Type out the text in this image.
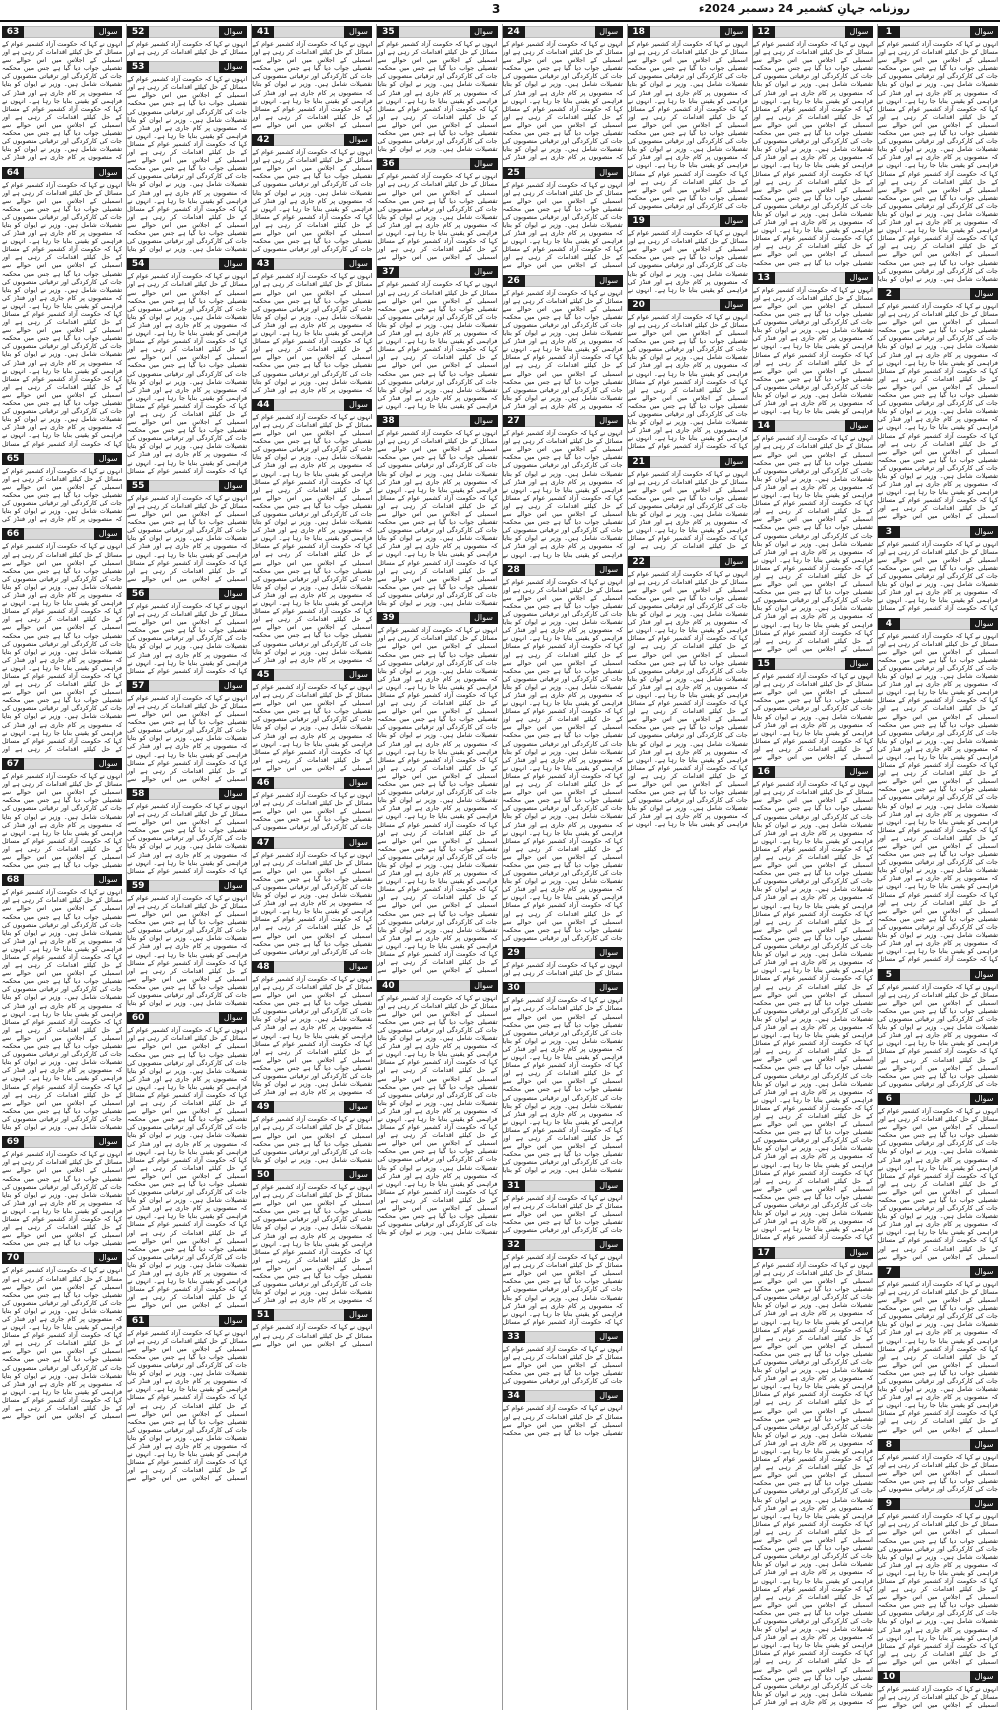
3	روزنامہ جہانِ کشمیر 24 دسمبر 2024ء
سوال
1
انہوں نے کہا کہ حکومت آزاد کشمیر عوام کے مسائل کے حل کیلئے اقدامات کر رہی ہے اور اسمبلی کے اجلاس میں اس حوالے سے تفصیلی جواب دیا گیا ہے جس میں محکمہ جات کی کارکردگی اور ترقیاتی منصوبوں کی تفصیلات شامل ہیں۔ وزیر نے ایوان کو بتایا کہ منصوبوں پر کام جاری ہے اور فنڈز کی فراہمی کو یقینی بنایا جا رہا ہے۔ انہوں نے کہا کہ حکومت آزاد کشمیر عوام کے مسائل کے حل کیلئے اقدامات کر رہی ہے اور اسمبلی کے اجلاس میں اس حوالے سے تفصیلی جواب دیا گیا ہے جس میں محکمہ جات کی کارکردگی اور ترقیاتی منصوبوں کی تفصیلات شامل ہیں۔ وزیر نے ایوان کو بتایا کہ منصوبوں پر کام جاری ہے اور فنڈز کی فراہمی کو یقینی بنایا جا رہا ہے۔ انہوں نے کہا کہ حکومت آزاد کشمیر عوام کے مسائل کے حل کیلئے اقدامات کر رہی ہے اور اسمبلی کے اجلاس میں اس حوالے سے تفصیلی جواب دیا گیا ہے جس میں محکمہ جات کی کارکردگی اور ترقیاتی منصوبوں کی تفصیلات شامل ہیں۔ وزیر نے ایوان کو بتایا کہ منصوبوں پر کام جاری ہے اور فنڈز کی فراہمی کو یقینی بنایا جا رہا ہے۔ انہوں نے کہا کہ حکومت آزاد کشمیر عوام کے مسائل کے حل کیلئے اقدامات کر رہی ہے اور اسمبلی کے اجلاس میں اس حوالے سے تفصیلی جواب دیا گیا ہے جس میں محکمہ جات کی کارکردگی اور ترقیاتی منصوبوں کی تفصیلات شامل ہیں۔ وزیر نے ایوان کو بتایا
سوال
2
انہوں نے کہا کہ حکومت آزاد کشمیر عوام کے مسائل کے حل کیلئے اقدامات کر رہی ہے اور اسمبلی کے اجلاس میں اس حوالے سے تفصیلی جواب دیا گیا ہے جس میں محکمہ جات کی کارکردگی اور ترقیاتی منصوبوں کی تفصیلات شامل ہیں۔ وزیر نے ایوان کو بتایا کہ منصوبوں پر کام جاری ہے اور فنڈز کی فراہمی کو یقینی بنایا جا رہا ہے۔ انہوں نے کہا کہ حکومت آزاد کشمیر عوام کے مسائل کے حل کیلئے اقدامات کر رہی ہے اور اسمبلی کے اجلاس میں اس حوالے سے تفصیلی جواب دیا گیا ہے جس میں محکمہ جات کی کارکردگی اور ترقیاتی منصوبوں کی تفصیلات شامل ہیں۔ وزیر نے ایوان کو بتایا کہ منصوبوں پر کام جاری ہے اور فنڈز کی فراہمی کو یقینی بنایا جا رہا ہے۔ انہوں نے کہا کہ حکومت آزاد کشمیر عوام کے مسائل کے حل کیلئے اقدامات کر رہی ہے اور اسمبلی کے اجلاس میں اس حوالے سے تفصیلی جواب دیا گیا ہے جس میں محکمہ جات کی کارکردگی اور ترقیاتی منصوبوں کی تفصیلات شامل ہیں۔ وزیر نے ایوان کو بتایا کہ منصوبوں پر کام جاری ہے اور فنڈز کی فراہمی کو یقینی بنایا جا رہا ہے۔ انہوں نے کہا کہ حکومت آزاد کشمیر عوام کے مسائل کے حل کیلئے اقدامات کر رہی ہے اور اسمبلی کے اجلاس میں اس حوالے سے
سوال
3
انہوں نے کہا کہ حکومت آزاد کشمیر عوام کے مسائل کے حل کیلئے اقدامات کر رہی ہے اور اسمبلی کے اجلاس میں اس حوالے سے تفصیلی جواب دیا گیا ہے جس میں محکمہ جات کی کارکردگی اور ترقیاتی منصوبوں کی تفصیلات شامل ہیں۔ وزیر نے ایوان کو بتایا کہ منصوبوں پر کام جاری ہے اور فنڈز کی فراہمی کو یقینی بنایا جا رہا ہے۔ انہوں نے کہا کہ حکومت آزاد کشمیر عوام کے مسائل
سوال
4
انہوں نے کہا کہ حکومت آزاد کشمیر عوام کے مسائل کے حل کیلئے اقدامات کر رہی ہے اور اسمبلی کے اجلاس میں اس حوالے سے تفصیلی جواب دیا گیا ہے جس میں محکمہ جات کی کارکردگی اور ترقیاتی منصوبوں کی تفصیلات شامل ہیں۔ وزیر نے ایوان کو بتایا کہ منصوبوں پر کام جاری ہے اور فنڈز کی فراہمی کو یقینی بنایا جا رہا ہے۔ انہوں نے کہا کہ حکومت آزاد کشمیر عوام کے مسائل کے حل کیلئے اقدامات کر رہی ہے اور اسمبلی کے اجلاس میں اس حوالے سے تفصیلی جواب دیا گیا ہے جس میں محکمہ جات کی کارکردگی اور ترقیاتی منصوبوں کی تفصیلات شامل ہیں۔ وزیر نے ایوان کو بتایا کہ منصوبوں پر کام جاری ہے اور فنڈز کی فراہمی کو یقینی بنایا جا رہا ہے۔ انہوں نے کہا کہ حکومت آزاد کشمیر عوام کے مسائل کے حل کیلئے اقدامات کر رہی ہے اور اسمبلی کے اجلاس میں اس حوالے سے تفصیلی جواب دیا گیا ہے جس میں محکمہ جات کی کارکردگی اور ترقیاتی منصوبوں کی تفصیلات شامل ہیں۔ وزیر نے ایوان کو بتایا کہ منصوبوں پر کام جاری ہے اور فنڈز کی فراہمی کو یقینی بنایا جا رہا ہے۔ انہوں نے کہا کہ حکومت آزاد کشمیر عوام کے مسائل کے حل کیلئے اقدامات کر رہی ہے اور اسمبلی کے اجلاس میں اس حوالے سے تفصیلی جواب دیا گیا ہے جس میں محکمہ جات کی کارکردگی اور ترقیاتی منصوبوں کی تفصیلات شامل ہیں۔ وزیر نے ایوان کو بتایا کہ منصوبوں پر کام جاری ہے اور فنڈز کی فراہمی کو یقینی بنایا جا رہا ہے۔ انہوں نے کہا کہ حکومت آزاد کشمیر عوام کے مسائل کے حل کیلئے اقدامات کر رہی ہے اور اسمبلی کے اجلاس میں اس حوالے سے تفصیلی جواب دیا گیا ہے جس میں محکمہ جات کی کارکردگی اور ترقیاتی منصوبوں کی تفصیلات شامل ہیں۔ وزیر نے ایوان کو بتایا کہ منصوبوں پر کام جاری ہے اور فنڈز کی فراہمی کو یقینی بنایا جا رہا ہے۔ انہوں نے کہا کہ حکومت آزاد کشمیر عوام کے مسائل
سوال
5
انہوں نے کہا کہ حکومت آزاد کشمیر عوام کے مسائل کے حل کیلئے اقدامات کر رہی ہے اور اسمبلی کے اجلاس میں اس حوالے سے تفصیلی جواب دیا گیا ہے جس میں محکمہ جات کی کارکردگی اور ترقیاتی منصوبوں کی تفصیلات شامل ہیں۔ وزیر نے ایوان کو بتایا کہ منصوبوں پر کام جاری ہے اور فنڈز کی فراہمی کو یقینی بنایا جا رہا ہے۔ انہوں نے کہا کہ حکومت آزاد کشمیر عوام کے مسائل کے حل کیلئے اقدامات کر رہی ہے اور اسمبلی کے اجلاس میں اس حوالے سے تفصیلی جواب دیا گیا ہے جس میں محکمہ جات کی کارکردگی اور ترقیاتی منصوبوں کی
سوال
6
انہوں نے کہا کہ حکومت آزاد کشمیر عوام کے مسائل کے حل کیلئے اقدامات کر رہی ہے اور اسمبلی کے اجلاس میں اس حوالے سے تفصیلی جواب دیا گیا ہے جس میں محکمہ جات کی کارکردگی اور ترقیاتی منصوبوں کی تفصیلات شامل ہیں۔ وزیر نے ایوان کو بتایا کہ منصوبوں پر کام جاری ہے اور فنڈز کی فراہمی کو یقینی بنایا جا رہا ہے۔ انہوں نے کہا کہ حکومت آزاد کشمیر عوام کے مسائل کے حل کیلئے اقدامات کر رہی ہے اور اسمبلی کے اجلاس میں اس حوالے سے تفصیلی جواب دیا گیا ہے جس میں محکمہ جات کی کارکردگی اور ترقیاتی منصوبوں کی تفصیلات شامل ہیں۔ وزیر نے ایوان کو بتایا کہ منصوبوں پر کام جاری ہے اور فنڈز کی فراہمی کو یقینی بنایا جا رہا ہے۔ انہوں نے کہا کہ حکومت آزاد کشمیر عوام کے مسائل کے حل کیلئے اقدامات کر رہی ہے اور اسمبلی کے اجلاس میں اس حوالے سے
سوال
7
انہوں نے کہا کہ حکومت آزاد کشمیر عوام کے مسائل کے حل کیلئے اقدامات کر رہی ہے اور اسمبلی کے اجلاس میں اس حوالے سے تفصیلی جواب دیا گیا ہے جس میں محکمہ جات کی کارکردگی اور ترقیاتی منصوبوں کی تفصیلات شامل ہیں۔ وزیر نے ایوان کو بتایا کہ منصوبوں پر کام جاری ہے اور فنڈز کی فراہمی کو یقینی بنایا جا رہا ہے۔ انہوں نے کہا کہ حکومت آزاد کشمیر عوام کے مسائل کے حل کیلئے اقدامات کر رہی ہے اور اسمبلی کے اجلاس میں اس حوالے سے تفصیلی جواب دیا گیا ہے جس میں محکمہ جات کی کارکردگی اور ترقیاتی منصوبوں کی تفصیلات شامل ہیں۔ وزیر نے ایوان کو بتایا کہ منصوبوں پر کام جاری ہے اور فنڈز کی فراہمی کو یقینی بنایا جا رہا ہے۔ انہوں نے کہا کہ حکومت آزاد کشمیر عوام کے مسائل کے حل کیلئے اقدامات کر رہی ہے اور اسمبلی کے اجلاس میں اس حوالے سے
سوال
8
انہوں نے کہا کہ حکومت آزاد کشمیر عوام کے مسائل کے حل کیلئے اقدامات کر رہی ہے اور اسمبلی کے اجلاس میں اس حوالے سے تفصیلی جواب دیا گیا ہے جس میں محکمہ جات کی کارکردگی اور ترقیاتی منصوبوں کی
سوال
9
انہوں نے کہا کہ حکومت آزاد کشمیر عوام کے مسائل کے حل کیلئے اقدامات کر رہی ہے اور اسمبلی کے اجلاس میں اس حوالے سے تفصیلی جواب دیا گیا ہے جس میں محکمہ جات کی کارکردگی اور ترقیاتی منصوبوں کی تفصیلات شامل ہیں۔ وزیر نے ایوان کو بتایا کہ منصوبوں پر کام جاری ہے اور فنڈز کی فراہمی کو یقینی بنایا جا رہا ہے۔ انہوں نے کہا کہ حکومت آزاد کشمیر عوام کے مسائل کے حل کیلئے اقدامات کر رہی ہے اور اسمبلی کے اجلاس میں اس حوالے سے تفصیلی جواب دیا گیا ہے جس میں محکمہ جات کی کارکردگی اور ترقیاتی منصوبوں کی تفصیلات شامل ہیں۔ وزیر نے ایوان کو بتایا کہ منصوبوں پر کام جاری ہے اور فنڈز کی فراہمی کو یقینی بنایا جا رہا ہے۔ انہوں نے کہا کہ حکومت آزاد کشمیر عوام کے مسائل کے حل کیلئے اقدامات کر رہی ہے اور اسمبلی کے اجلاس میں اس حوالے سے
سوال
10
انہوں نے کہا کہ حکومت آزاد کشمیر عوام کے مسائل کے حل کیلئے اقدامات کر رہی ہے اور اسمبلی کے اجلاس میں اس حوالے سے
سوال
12
انہوں نے کہا کہ حکومت آزاد کشمیر عوام کے مسائل کے حل کیلئے اقدامات کر رہی ہے اور اسمبلی کے اجلاس میں اس حوالے سے تفصیلی جواب دیا گیا ہے جس میں محکمہ جات کی کارکردگی اور ترقیاتی منصوبوں کی تفصیلات شامل ہیں۔ وزیر نے ایوان کو بتایا کہ منصوبوں پر کام جاری ہے اور فنڈز کی فراہمی کو یقینی بنایا جا رہا ہے۔ انہوں نے کہا کہ حکومت آزاد کشمیر عوام کے مسائل کے حل کیلئے اقدامات کر رہی ہے اور اسمبلی کے اجلاس میں اس حوالے سے تفصیلی جواب دیا گیا ہے جس میں محکمہ جات کی کارکردگی اور ترقیاتی منصوبوں کی تفصیلات شامل ہیں۔ وزیر نے ایوان کو بتایا کہ منصوبوں پر کام جاری ہے اور فنڈز کی فراہمی کو یقینی بنایا جا رہا ہے۔ انہوں نے کہا کہ حکومت آزاد کشمیر عوام کے مسائل کے حل کیلئے اقدامات کر رہی ہے اور اسمبلی کے اجلاس میں اس حوالے سے تفصیلی جواب دیا گیا ہے جس میں محکمہ جات کی کارکردگی اور ترقیاتی منصوبوں کی تفصیلات شامل ہیں۔ وزیر نے ایوان کو بتایا کہ منصوبوں پر کام جاری ہے اور فنڈز کی فراہمی کو یقینی بنایا جا رہا ہے۔ انہوں نے کہا کہ حکومت آزاد کشمیر عوام کے مسائل کے حل کیلئے اقدامات کر رہی ہے اور اسمبلی کے اجلاس میں اس حوالے سے تفصیلی جواب دیا گیا ہے جس میں محکمہ
سوال
13
انہوں نے کہا کہ حکومت آزاد کشمیر عوام کے مسائل کے حل کیلئے اقدامات کر رہی ہے اور اسمبلی کے اجلاس میں اس حوالے سے تفصیلی جواب دیا گیا ہے جس میں محکمہ جات کی کارکردگی اور ترقیاتی منصوبوں کی تفصیلات شامل ہیں۔ وزیر نے ایوان کو بتایا کہ منصوبوں پر کام جاری ہے اور فنڈز کی فراہمی کو یقینی بنایا جا رہا ہے۔ انہوں نے کہا کہ حکومت آزاد کشمیر عوام کے مسائل کے حل کیلئے اقدامات کر رہی ہے اور اسمبلی کے اجلاس میں اس حوالے سے تفصیلی جواب دیا گیا ہے جس میں محکمہ جات کی کارکردگی اور ترقیاتی منصوبوں کی تفصیلات شامل ہیں۔ وزیر نے ایوان کو بتایا کہ منصوبوں پر کام جاری ہے اور فنڈز کی فراہمی کو یقینی بنایا جا رہا ہے۔ انہوں نے
سوال
14
انہوں نے کہا کہ حکومت آزاد کشمیر عوام کے مسائل کے حل کیلئے اقدامات کر رہی ہے اور اسمبلی کے اجلاس میں اس حوالے سے تفصیلی جواب دیا گیا ہے جس میں محکمہ جات کی کارکردگی اور ترقیاتی منصوبوں کی تفصیلات شامل ہیں۔ وزیر نے ایوان کو بتایا کہ منصوبوں پر کام جاری ہے اور فنڈز کی فراہمی کو یقینی بنایا جا رہا ہے۔ انہوں نے کہا کہ حکومت آزاد کشمیر عوام کے مسائل کے حل کیلئے اقدامات کر رہی ہے اور اسمبلی کے اجلاس میں اس حوالے سے تفصیلی جواب دیا گیا ہے جس میں محکمہ جات کی کارکردگی اور ترقیاتی منصوبوں کی تفصیلات شامل ہیں۔ وزیر نے ایوان کو بتایا کہ منصوبوں پر کام جاری ہے اور فنڈز کی فراہمی کو یقینی بنایا جا رہا ہے۔ انہوں نے کہا کہ حکومت آزاد کشمیر عوام کے مسائل کے حل کیلئے اقدامات کر رہی ہے اور اسمبلی کے اجلاس میں اس حوالے سے تفصیلی جواب دیا گیا ہے جس میں محکمہ جات کی کارکردگی اور ترقیاتی منصوبوں کی تفصیلات شامل ہیں۔ وزیر نے ایوان کو بتایا کہ منصوبوں پر کام جاری ہے اور فنڈز کی فراہمی کو یقینی بنایا جا رہا ہے۔ انہوں نے کہا کہ حکومت آزاد کشمیر عوام کے مسائل کے حل کیلئے اقدامات کر رہی ہے اور اسمبلی کے اجلاس میں اس حوالے سے
سوال
15
انہوں نے کہا کہ حکومت آزاد کشمیر عوام کے مسائل کے حل کیلئے اقدامات کر رہی ہے اور اسمبلی کے اجلاس میں اس حوالے سے تفصیلی جواب دیا گیا ہے جس میں محکمہ جات کی کارکردگی اور ترقیاتی منصوبوں کی تفصیلات شامل ہیں۔ وزیر نے ایوان کو بتایا کہ منصوبوں پر کام جاری ہے اور فنڈز کی فراہمی کو یقینی بنایا جا رہا ہے۔ انہوں نے کہا کہ حکومت آزاد کشمیر عوام کے مسائل کے حل کیلئے اقدامات کر رہی ہے اور اسمبلی کے اجلاس میں اس حوالے سے
سوال
16
انہوں نے کہا کہ حکومت آزاد کشمیر عوام کے مسائل کے حل کیلئے اقدامات کر رہی ہے اور اسمبلی کے اجلاس میں اس حوالے سے تفصیلی جواب دیا گیا ہے جس میں محکمہ جات کی کارکردگی اور ترقیاتی منصوبوں کی تفصیلات شامل ہیں۔ وزیر نے ایوان کو بتایا کہ منصوبوں پر کام جاری ہے اور فنڈز کی فراہمی کو یقینی بنایا جا رہا ہے۔ انہوں نے کہا کہ حکومت آزاد کشمیر عوام کے مسائل کے حل کیلئے اقدامات کر رہی ہے اور اسمبلی کے اجلاس میں اس حوالے سے تفصیلی جواب دیا گیا ہے جس میں محکمہ جات کی کارکردگی اور ترقیاتی منصوبوں کی تفصیلات شامل ہیں۔ وزیر نے ایوان کو بتایا کہ منصوبوں پر کام جاری ہے اور فنڈز کی فراہمی کو یقینی بنایا جا رہا ہے۔ انہوں نے کہا کہ حکومت آزاد کشمیر عوام کے مسائل کے حل کیلئے اقدامات کر رہی ہے اور اسمبلی کے اجلاس میں اس حوالے سے تفصیلی جواب دیا گیا ہے جس میں محکمہ جات کی کارکردگی اور ترقیاتی منصوبوں کی تفصیلات شامل ہیں۔ وزیر نے ایوان کو بتایا کہ منصوبوں پر کام جاری ہے اور فنڈز کی فراہمی کو یقینی بنایا جا رہا ہے۔ انہوں نے کہا کہ حکومت آزاد کشمیر عوام کے مسائل کے حل کیلئے اقدامات کر رہی ہے اور اسمبلی کے اجلاس میں اس حوالے سے تفصیلی جواب دیا گیا ہے جس میں محکمہ جات کی کارکردگی اور ترقیاتی منصوبوں کی تفصیلات شامل ہیں۔ وزیر نے ایوان کو بتایا کہ منصوبوں پر کام جاری ہے اور فنڈز کی فراہمی کو یقینی بنایا جا رہا ہے۔ انہوں نے کہا کہ حکومت آزاد کشمیر عوام کے مسائل کے حل کیلئے اقدامات کر رہی ہے اور اسمبلی کے اجلاس میں اس حوالے سے تفصیلی جواب دیا گیا ہے جس میں محکمہ جات کی کارکردگی اور ترقیاتی منصوبوں کی تفصیلات شامل ہیں۔ وزیر نے ایوان کو بتایا کہ منصوبوں پر کام جاری ہے اور فنڈز کی فراہمی کو یقینی بنایا جا رہا ہے۔ انہوں نے کہا کہ حکومت آزاد کشمیر عوام کے مسائل کے حل کیلئے اقدامات کر رہی ہے اور اسمبلی کے اجلاس میں اس حوالے سے تفصیلی جواب دیا گیا ہے جس میں محکمہ جات کی کارکردگی اور ترقیاتی منصوبوں کی تفصیلات شامل ہیں۔ وزیر نے ایوان کو بتایا کہ منصوبوں پر کام جاری ہے اور فنڈز کی فراہمی کو یقینی بنایا جا رہا ہے۔ انہوں نے کہا کہ حکومت آزاد کشمیر عوام کے مسائل کے حل کیلئے اقدامات کر رہی ہے اور اسمبلی کے اجلاس میں اس حوالے سے تفصیلی جواب دیا گیا ہے جس میں محکمہ جات کی کارکردگی اور ترقیاتی منصوبوں کی تفصیلات شامل ہیں۔ وزیر نے ایوان کو بتایا کہ منصوبوں پر کام جاری ہے اور فنڈز کی فراہمی کو یقینی بنایا جا رہا ہے۔ انہوں نے کہا کہ حکومت آزاد کشمیر عوام کے مسائل
سوال
17
انہوں نے کہا کہ حکومت آزاد کشمیر عوام کے مسائل کے حل کیلئے اقدامات کر رہی ہے اور اسمبلی کے اجلاس میں اس حوالے سے تفصیلی جواب دیا گیا ہے جس میں محکمہ جات کی کارکردگی اور ترقیاتی منصوبوں کی تفصیلات شامل ہیں۔ وزیر نے ایوان کو بتایا کہ منصوبوں پر کام جاری ہے اور فنڈز کی فراہمی کو یقینی بنایا جا رہا ہے۔ انہوں نے کہا کہ حکومت آزاد کشمیر عوام کے مسائل کے حل کیلئے اقدامات کر رہی ہے اور اسمبلی کے اجلاس میں اس حوالے سے تفصیلی جواب دیا گیا ہے جس میں محکمہ جات کی کارکردگی اور ترقیاتی منصوبوں کی تفصیلات شامل ہیں۔ وزیر نے ایوان کو بتایا کہ منصوبوں پر کام جاری ہے اور فنڈز کی فراہمی کو یقینی بنایا جا رہا ہے۔ انہوں نے کہا کہ حکومت آزاد کشمیر عوام کے مسائل کے حل کیلئے اقدامات کر رہی ہے اور اسمبلی کے اجلاس میں اس حوالے سے تفصیلی جواب دیا گیا ہے جس میں محکمہ جات کی کارکردگی اور ترقیاتی منصوبوں کی تفصیلات شامل ہیں۔ وزیر نے ایوان کو بتایا کہ منصوبوں پر کام جاری ہے اور فنڈز کی فراہمی کو یقینی بنایا جا رہا ہے۔ انہوں نے کہا کہ حکومت آزاد کشمیر عوام کے مسائل کے حل کیلئے اقدامات کر رہی ہے اور اسمبلی کے اجلاس میں اس حوالے سے تفصیلی جواب دیا گیا ہے جس میں محکمہ جات کی کارکردگی اور ترقیاتی منصوبوں کی تفصیلات شامل ہیں۔ وزیر نے ایوان کو بتایا کہ منصوبوں پر کام جاری ہے اور فنڈز کی فراہمی کو یقینی بنایا جا رہا ہے۔ انہوں نے کہا کہ حکومت آزاد کشمیر عوام کے مسائل کے حل کیلئے اقدامات کر رہی ہے اور اسمبلی کے اجلاس میں اس حوالے سے تفصیلی جواب دیا گیا ہے جس میں محکمہ جات کی کارکردگی اور ترقیاتی منصوبوں کی تفصیلات شامل ہیں۔ وزیر نے ایوان کو بتایا کہ منصوبوں پر کام جاری ہے اور فنڈز کی فراہمی کو یقینی بنایا جا رہا ہے۔ انہوں نے کہا کہ حکومت آزاد کشمیر عوام کے مسائل کے حل کیلئے اقدامات کر رہی ہے اور اسمبلی کے اجلاس میں اس حوالے سے تفصیلی جواب دیا گیا ہے جس میں محکمہ جات کی کارکردگی اور ترقیاتی منصوبوں کی تفصیلات شامل ہیں۔ وزیر نے ایوان کو بتایا کہ منصوبوں پر کام جاری ہے اور فنڈز کی فراہمی کو یقینی بنایا جا رہا ہے۔ انہوں نے کہا کہ حکومت آزاد کشمیر عوام کے مسائل کے حل کیلئے اقدامات کر رہی ہے اور اسمبلی کے اجلاس میں اس حوالے سے تفصیلی جواب دیا گیا ہے جس میں محکمہ جات کی کارکردگی اور ترقیاتی منصوبوں کی تفصیلات شامل ہیں۔ وزیر نے ایوان کو بتایا کہ منصوبوں پر کام جاری ہے اور فنڈز کی
سوال
18
انہوں نے کہا کہ حکومت آزاد کشمیر عوام کے مسائل کے حل کیلئے اقدامات کر رہی ہے اور اسمبلی کے اجلاس میں اس حوالے سے تفصیلی جواب دیا گیا ہے جس میں محکمہ جات کی کارکردگی اور ترقیاتی منصوبوں کی تفصیلات شامل ہیں۔ وزیر نے ایوان کو بتایا کہ منصوبوں پر کام جاری ہے اور فنڈز کی فراہمی کو یقینی بنایا جا رہا ہے۔ انہوں نے کہا کہ حکومت آزاد کشمیر عوام کے مسائل کے حل کیلئے اقدامات کر رہی ہے اور اسمبلی کے اجلاس میں اس حوالے سے تفصیلی جواب دیا گیا ہے جس میں محکمہ جات کی کارکردگی اور ترقیاتی منصوبوں کی تفصیلات شامل ہیں۔ وزیر نے ایوان کو بتایا کہ منصوبوں پر کام جاری ہے اور فنڈز کی فراہمی کو یقینی بنایا جا رہا ہے۔ انہوں نے کہا کہ حکومت آزاد کشمیر عوام کے مسائل کے حل کیلئے اقدامات کر رہی ہے اور اسمبلی کے اجلاس میں اس حوالے سے تفصیلی جواب دیا گیا ہے جس میں محکمہ جات کی کارکردگی اور ترقیاتی منصوبوں کی
سوال
19
انہوں نے کہا کہ حکومت آزاد کشمیر عوام کے مسائل کے حل کیلئے اقدامات کر رہی ہے اور اسمبلی کے اجلاس میں اس حوالے سے تفصیلی جواب دیا گیا ہے جس میں محکمہ جات کی کارکردگی اور ترقیاتی منصوبوں کی تفصیلات شامل ہیں۔ وزیر نے ایوان کو بتایا کہ منصوبوں پر کام جاری ہے اور فنڈز کی فراہمی کو یقینی بنایا جا رہا ہے۔ انہوں نے
سوال
20
انہوں نے کہا کہ حکومت آزاد کشمیر عوام کے مسائل کے حل کیلئے اقدامات کر رہی ہے اور اسمبلی کے اجلاس میں اس حوالے سے تفصیلی جواب دیا گیا ہے جس میں محکمہ جات کی کارکردگی اور ترقیاتی منصوبوں کی تفصیلات شامل ہیں۔ وزیر نے ایوان کو بتایا کہ منصوبوں پر کام جاری ہے اور فنڈز کی فراہمی کو یقینی بنایا جا رہا ہے۔ انہوں نے کہا کہ حکومت آزاد کشمیر عوام کے مسائل کے حل کیلئے اقدامات کر رہی ہے اور اسمبلی کے اجلاس میں اس حوالے سے تفصیلی جواب دیا گیا ہے جس میں محکمہ جات کی کارکردگی اور ترقیاتی منصوبوں کی تفصیلات شامل ہیں۔ وزیر نے ایوان کو بتایا کہ منصوبوں پر کام جاری ہے اور فنڈز کی فراہمی کو یقینی بنایا جا رہا ہے۔ انہوں نے کہا کہ حکومت آزاد کشمیر عوام کے مسائل
سوال
21
انہوں نے کہا کہ حکومت آزاد کشمیر عوام کے مسائل کے حل کیلئے اقدامات کر رہی ہے اور اسمبلی کے اجلاس میں اس حوالے سے تفصیلی جواب دیا گیا ہے جس میں محکمہ جات کی کارکردگی اور ترقیاتی منصوبوں کی تفصیلات شامل ہیں۔ وزیر نے ایوان کو بتایا کہ منصوبوں پر کام جاری ہے اور فنڈز کی فراہمی کو یقینی بنایا جا رہا ہے۔ انہوں نے کہا کہ حکومت آزاد کشمیر عوام کے مسائل کے حل کیلئے اقدامات کر رہی ہے اور
سوال
22
انہوں نے کہا کہ حکومت آزاد کشمیر عوام کے مسائل کے حل کیلئے اقدامات کر رہی ہے اور اسمبلی کے اجلاس میں اس حوالے سے تفصیلی جواب دیا گیا ہے جس میں محکمہ جات کی کارکردگی اور ترقیاتی منصوبوں کی تفصیلات شامل ہیں۔ وزیر نے ایوان کو بتایا کہ منصوبوں پر کام جاری ہے اور فنڈز کی فراہمی کو یقینی بنایا جا رہا ہے۔ انہوں نے کہا کہ حکومت آزاد کشمیر عوام کے مسائل کے حل کیلئے اقدامات کر رہی ہے اور اسمبلی کے اجلاس میں اس حوالے سے تفصیلی جواب دیا گیا ہے جس میں محکمہ جات کی کارکردگی اور ترقیاتی منصوبوں کی تفصیلات شامل ہیں۔ وزیر نے ایوان کو بتایا کہ منصوبوں پر کام جاری ہے اور فنڈز کی فراہمی کو یقینی بنایا جا رہا ہے۔ انہوں نے کہا کہ حکومت آزاد کشمیر عوام کے مسائل کے حل کیلئے اقدامات کر رہی ہے اور اسمبلی کے اجلاس میں اس حوالے سے تفصیلی جواب دیا گیا ہے جس میں محکمہ جات کی کارکردگی اور ترقیاتی منصوبوں کی تفصیلات شامل ہیں۔ وزیر نے ایوان کو بتایا کہ منصوبوں پر کام جاری ہے اور فنڈز کی فراہمی کو یقینی بنایا جا رہا ہے۔ انہوں نے کہا کہ حکومت آزاد کشمیر عوام کے مسائل کے حل کیلئے اقدامات کر رہی ہے اور اسمبلی کے اجلاس میں اس حوالے سے تفصیلی جواب دیا گیا ہے جس میں محکمہ جات کی کارکردگی اور ترقیاتی منصوبوں کی تفصیلات شامل ہیں۔ وزیر نے ایوان کو بتایا کہ منصوبوں پر کام جاری ہے اور فنڈز کی فراہمی کو یقینی بنایا جا رہا ہے۔ انہوں نے
سوال
24
انہوں نے کہا کہ حکومت آزاد کشمیر عوام کے مسائل کے حل کیلئے اقدامات کر رہی ہے اور اسمبلی کے اجلاس میں اس حوالے سے تفصیلی جواب دیا گیا ہے جس میں محکمہ جات کی کارکردگی اور ترقیاتی منصوبوں کی تفصیلات شامل ہیں۔ وزیر نے ایوان کو بتایا کہ منصوبوں پر کام جاری ہے اور فنڈز کی فراہمی کو یقینی بنایا جا رہا ہے۔ انہوں نے کہا کہ حکومت آزاد کشمیر عوام کے مسائل کے حل کیلئے اقدامات کر رہی ہے اور اسمبلی کے اجلاس میں اس حوالے سے تفصیلی جواب دیا گیا ہے جس میں محکمہ جات کی کارکردگی اور ترقیاتی منصوبوں کی تفصیلات شامل ہیں۔ وزیر نے ایوان کو بتایا کہ منصوبوں پر کام جاری ہے اور فنڈز کی
سوال
25
انہوں نے کہا کہ حکومت آزاد کشمیر عوام کے مسائل کے حل کیلئے اقدامات کر رہی ہے اور اسمبلی کے اجلاس میں اس حوالے سے تفصیلی جواب دیا گیا ہے جس میں محکمہ جات کی کارکردگی اور ترقیاتی منصوبوں کی تفصیلات شامل ہیں۔ وزیر نے ایوان کو بتایا کہ منصوبوں پر کام جاری ہے اور فنڈز کی فراہمی کو یقینی بنایا جا رہا ہے۔ انہوں نے کہا کہ حکومت آزاد کشمیر عوام کے مسائل کے حل کیلئے اقدامات کر رہی ہے اور اسمبلی کے اجلاس میں اس حوالے سے
سوال
26
انہوں نے کہا کہ حکومت آزاد کشمیر عوام کے مسائل کے حل کیلئے اقدامات کر رہی ہے اور اسمبلی کے اجلاس میں اس حوالے سے تفصیلی جواب دیا گیا ہے جس میں محکمہ جات کی کارکردگی اور ترقیاتی منصوبوں کی تفصیلات شامل ہیں۔ وزیر نے ایوان کو بتایا کہ منصوبوں پر کام جاری ہے اور فنڈز کی فراہمی کو یقینی بنایا جا رہا ہے۔ انہوں نے کہا کہ حکومت آزاد کشمیر عوام کے مسائل کے حل کیلئے اقدامات کر رہی ہے اور اسمبلی کے اجلاس میں اس حوالے سے تفصیلی جواب دیا گیا ہے جس میں محکمہ جات کی کارکردگی اور ترقیاتی منصوبوں کی تفصیلات شامل ہیں۔ وزیر نے ایوان کو بتایا کہ منصوبوں پر کام جاری ہے اور فنڈز کی
سوال
27
انہوں نے کہا کہ حکومت آزاد کشمیر عوام کے مسائل کے حل کیلئے اقدامات کر رہی ہے اور اسمبلی کے اجلاس میں اس حوالے سے تفصیلی جواب دیا گیا ہے جس میں محکمہ جات کی کارکردگی اور ترقیاتی منصوبوں کی تفصیلات شامل ہیں۔ وزیر نے ایوان کو بتایا کہ منصوبوں پر کام جاری ہے اور فنڈز کی فراہمی کو یقینی بنایا جا رہا ہے۔ انہوں نے کہا کہ حکومت آزاد کشمیر عوام کے مسائل کے حل کیلئے اقدامات کر رہی ہے اور اسمبلی کے اجلاس میں اس حوالے سے تفصیلی جواب دیا گیا ہے جس میں محکمہ جات کی کارکردگی اور ترقیاتی منصوبوں کی تفصیلات شامل ہیں۔ وزیر نے ایوان کو بتایا کہ منصوبوں پر کام جاری ہے اور فنڈز کی فراہمی کو یقینی بنایا جا رہا ہے۔ انہوں نے
سوال
28
انہوں نے کہا کہ حکومت آزاد کشمیر عوام کے مسائل کے حل کیلئے اقدامات کر رہی ہے اور اسمبلی کے اجلاس میں اس حوالے سے تفصیلی جواب دیا گیا ہے جس میں محکمہ جات کی کارکردگی اور ترقیاتی منصوبوں کی تفصیلات شامل ہیں۔ وزیر نے ایوان کو بتایا کہ منصوبوں پر کام جاری ہے اور فنڈز کی فراہمی کو یقینی بنایا جا رہا ہے۔ انہوں نے کہا کہ حکومت آزاد کشمیر عوام کے مسائل کے حل کیلئے اقدامات کر رہی ہے اور اسمبلی کے اجلاس میں اس حوالے سے تفصیلی جواب دیا گیا ہے جس میں محکمہ جات کی کارکردگی اور ترقیاتی منصوبوں کی تفصیلات شامل ہیں۔ وزیر نے ایوان کو بتایا کہ منصوبوں پر کام جاری ہے اور فنڈز کی فراہمی کو یقینی بنایا جا رہا ہے۔ انہوں نے کہا کہ حکومت آزاد کشمیر عوام کے مسائل کے حل کیلئے اقدامات کر رہی ہے اور اسمبلی کے اجلاس میں اس حوالے سے تفصیلی جواب دیا گیا ہے جس میں محکمہ جات کی کارکردگی اور ترقیاتی منصوبوں کی تفصیلات شامل ہیں۔ وزیر نے ایوان کو بتایا کہ منصوبوں پر کام جاری ہے اور فنڈز کی فراہمی کو یقینی بنایا جا رہا ہے۔ انہوں نے کہا کہ حکومت آزاد کشمیر عوام کے مسائل کے حل کیلئے اقدامات کر رہی ہے اور اسمبلی کے اجلاس میں اس حوالے سے تفصیلی جواب دیا گیا ہے جس میں محکمہ جات کی کارکردگی اور ترقیاتی منصوبوں کی تفصیلات شامل ہیں۔ وزیر نے ایوان کو بتایا کہ منصوبوں پر کام جاری ہے اور فنڈز کی فراہمی کو یقینی بنایا جا رہا ہے۔ انہوں نے کہا کہ حکومت آزاد کشمیر عوام کے مسائل کے حل کیلئے اقدامات کر رہی ہے اور اسمبلی کے اجلاس میں اس حوالے سے تفصیلی جواب دیا گیا ہے جس میں محکمہ جات کی کارکردگی اور ترقیاتی منصوبوں کی تفصیلات شامل ہیں۔ وزیر نے ایوان کو بتایا کہ منصوبوں پر کام جاری ہے اور فنڈز کی فراہمی کو یقینی بنایا جا رہا ہے۔ انہوں نے کہا کہ حکومت آزاد کشمیر عوام کے مسائل کے حل کیلئے اقدامات کر رہی ہے اور اسمبلی کے اجلاس میں اس حوالے سے تفصیلی جواب دیا گیا ہے جس میں محکمہ جات کی کارکردگی اور ترقیاتی منصوبوں کی
سوال
29
انہوں نے کہا کہ حکومت آزاد کشمیر عوام کے مسائل کے حل کیلئے اقدامات کر رہی ہے اور
سوال
30
انہوں نے کہا کہ حکومت آزاد کشمیر عوام کے مسائل کے حل کیلئے اقدامات کر رہی ہے اور اسمبلی کے اجلاس میں اس حوالے سے تفصیلی جواب دیا گیا ہے جس میں محکمہ جات کی کارکردگی اور ترقیاتی منصوبوں کی تفصیلات شامل ہیں۔ وزیر نے ایوان کو بتایا کہ منصوبوں پر کام جاری ہے اور فنڈز کی فراہمی کو یقینی بنایا جا رہا ہے۔ انہوں نے کہا کہ حکومت آزاد کشمیر عوام کے مسائل کے حل کیلئے اقدامات کر رہی ہے اور اسمبلی کے اجلاس میں اس حوالے سے تفصیلی جواب دیا گیا ہے جس میں محکمہ جات کی کارکردگی اور ترقیاتی منصوبوں کی تفصیلات شامل ہیں۔ وزیر نے ایوان کو بتایا کہ منصوبوں پر کام جاری ہے اور فنڈز کی فراہمی کو یقینی بنایا جا رہا ہے۔ انہوں نے کہا کہ حکومت آزاد کشمیر عوام کے مسائل کے حل کیلئے اقدامات کر رہی ہے اور اسمبلی کے اجلاس میں اس حوالے سے تفصیلی جواب دیا گیا ہے جس میں محکمہ جات کی کارکردگی اور ترقیاتی منصوبوں کی تفصیلات شامل ہیں۔ وزیر نے ایوان کو بتایا
سوال
31
انہوں نے کہا کہ حکومت آزاد کشمیر عوام کے مسائل کے حل کیلئے اقدامات کر رہی ہے اور اسمبلی کے اجلاس میں اس حوالے سے تفصیلی جواب دیا گیا ہے جس میں محکمہ جات کی کارکردگی اور ترقیاتی منصوبوں کی
سوال
32
انہوں نے کہا کہ حکومت آزاد کشمیر عوام کے مسائل کے حل کیلئے اقدامات کر رہی ہے اور اسمبلی کے اجلاس میں اس حوالے سے تفصیلی جواب دیا گیا ہے جس میں محکمہ جات کی کارکردگی اور ترقیاتی منصوبوں کی تفصیلات شامل ہیں۔ وزیر نے ایوان کو بتایا کہ منصوبوں پر کام جاری ہے اور فنڈز کی فراہمی کو یقینی بنایا جا رہا ہے۔ انہوں نے کہا کہ حکومت آزاد کشمیر عوام کے مسائل
سوال
33
انہوں نے کہا کہ حکومت آزاد کشمیر عوام کے مسائل کے حل کیلئے اقدامات کر رہی ہے اور اسمبلی کے اجلاس میں اس حوالے سے تفصیلی جواب دیا گیا ہے جس میں محکمہ جات کی کارکردگی اور ترقیاتی منصوبوں کی
سوال
34
انہوں نے کہا کہ حکومت آزاد کشمیر عوام کے مسائل کے حل کیلئے اقدامات کر رہی ہے اور اسمبلی کے اجلاس میں اس حوالے سے تفصیلی جواب دیا گیا ہے جس میں محکمہ
سوال
35
انہوں نے کہا کہ حکومت آزاد کشمیر عوام کے مسائل کے حل کیلئے اقدامات کر رہی ہے اور اسمبلی کے اجلاس میں اس حوالے سے تفصیلی جواب دیا گیا ہے جس میں محکمہ جات کی کارکردگی اور ترقیاتی منصوبوں کی تفصیلات شامل ہیں۔ وزیر نے ایوان کو بتایا کہ منصوبوں پر کام جاری ہے اور فنڈز کی فراہمی کو یقینی بنایا جا رہا ہے۔ انہوں نے کہا کہ حکومت آزاد کشمیر عوام کے مسائل کے حل کیلئے اقدامات کر رہی ہے اور اسمبلی کے اجلاس میں اس حوالے سے تفصیلی جواب دیا گیا ہے جس میں محکمہ جات کی کارکردگی اور ترقیاتی منصوبوں کی تفصیلات شامل ہیں۔ وزیر نے ایوان کو بتایا
سوال
36
انہوں نے کہا کہ حکومت آزاد کشمیر عوام کے مسائل کے حل کیلئے اقدامات کر رہی ہے اور اسمبلی کے اجلاس میں اس حوالے سے تفصیلی جواب دیا گیا ہے جس میں محکمہ جات کی کارکردگی اور ترقیاتی منصوبوں کی تفصیلات شامل ہیں۔ وزیر نے ایوان کو بتایا کہ منصوبوں پر کام جاری ہے اور فنڈز کی فراہمی کو یقینی بنایا جا رہا ہے۔ انہوں نے کہا کہ حکومت آزاد کشمیر عوام کے مسائل کے حل کیلئے اقدامات کر رہی ہے اور اسمبلی کے اجلاس میں اس حوالے سے
سوال
37
انہوں نے کہا کہ حکومت آزاد کشمیر عوام کے مسائل کے حل کیلئے اقدامات کر رہی ہے اور اسمبلی کے اجلاس میں اس حوالے سے تفصیلی جواب دیا گیا ہے جس میں محکمہ جات کی کارکردگی اور ترقیاتی منصوبوں کی تفصیلات شامل ہیں۔ وزیر نے ایوان کو بتایا کہ منصوبوں پر کام جاری ہے اور فنڈز کی فراہمی کو یقینی بنایا جا رہا ہے۔ انہوں نے کہا کہ حکومت آزاد کشمیر عوام کے مسائل کے حل کیلئے اقدامات کر رہی ہے اور اسمبلی کے اجلاس میں اس حوالے سے تفصیلی جواب دیا گیا ہے جس میں محکمہ جات کی کارکردگی اور ترقیاتی منصوبوں کی تفصیلات شامل ہیں۔ وزیر نے ایوان کو بتایا کہ منصوبوں پر کام جاری ہے اور فنڈز کی فراہمی کو یقینی بنایا جا رہا ہے۔ انہوں نے
سوال
38
انہوں نے کہا کہ حکومت آزاد کشمیر عوام کے مسائل کے حل کیلئے اقدامات کر رہی ہے اور اسمبلی کے اجلاس میں اس حوالے سے تفصیلی جواب دیا گیا ہے جس میں محکمہ جات کی کارکردگی اور ترقیاتی منصوبوں کی تفصیلات شامل ہیں۔ وزیر نے ایوان کو بتایا کہ منصوبوں پر کام جاری ہے اور فنڈز کی فراہمی کو یقینی بنایا جا رہا ہے۔ انہوں نے کہا کہ حکومت آزاد کشمیر عوام کے مسائل کے حل کیلئے اقدامات کر رہی ہے اور اسمبلی کے اجلاس میں اس حوالے سے تفصیلی جواب دیا گیا ہے جس میں محکمہ جات کی کارکردگی اور ترقیاتی منصوبوں کی تفصیلات شامل ہیں۔ وزیر نے ایوان کو بتایا کہ منصوبوں پر کام جاری ہے اور فنڈز کی فراہمی کو یقینی بنایا جا رہا ہے۔ انہوں نے کہا کہ حکومت آزاد کشمیر عوام کے مسائل کے حل کیلئے اقدامات کر رہی ہے اور اسمبلی کے اجلاس میں اس حوالے سے تفصیلی جواب دیا گیا ہے جس میں محکمہ جات کی کارکردگی اور ترقیاتی منصوبوں کی تفصیلات شامل ہیں۔ وزیر نے ایوان کو بتایا
سوال
39
انہوں نے کہا کہ حکومت آزاد کشمیر عوام کے مسائل کے حل کیلئے اقدامات کر رہی ہے اور اسمبلی کے اجلاس میں اس حوالے سے تفصیلی جواب دیا گیا ہے جس میں محکمہ جات کی کارکردگی اور ترقیاتی منصوبوں کی تفصیلات شامل ہیں۔ وزیر نے ایوان کو بتایا کہ منصوبوں پر کام جاری ہے اور فنڈز کی فراہمی کو یقینی بنایا جا رہا ہے۔ انہوں نے کہا کہ حکومت آزاد کشمیر عوام کے مسائل کے حل کیلئے اقدامات کر رہی ہے اور اسمبلی کے اجلاس میں اس حوالے سے تفصیلی جواب دیا گیا ہے جس میں محکمہ جات کی کارکردگی اور ترقیاتی منصوبوں کی تفصیلات شامل ہیں۔ وزیر نے ایوان کو بتایا کہ منصوبوں پر کام جاری ہے اور فنڈز کی فراہمی کو یقینی بنایا جا رہا ہے۔ انہوں نے کہا کہ حکومت آزاد کشمیر عوام کے مسائل کے حل کیلئے اقدامات کر رہی ہے اور اسمبلی کے اجلاس میں اس حوالے سے تفصیلی جواب دیا گیا ہے جس میں محکمہ جات کی کارکردگی اور ترقیاتی منصوبوں کی تفصیلات شامل ہیں۔ وزیر نے ایوان کو بتایا کہ منصوبوں پر کام جاری ہے اور فنڈز کی فراہمی کو یقینی بنایا جا رہا ہے۔ انہوں نے کہا کہ حکومت آزاد کشمیر عوام کے مسائل کے حل کیلئے اقدامات کر رہی ہے اور اسمبلی کے اجلاس میں اس حوالے سے تفصیلی جواب دیا گیا ہے جس میں محکمہ جات کی کارکردگی اور ترقیاتی منصوبوں کی تفصیلات شامل ہیں۔ وزیر نے ایوان کو بتایا کہ منصوبوں پر کام جاری ہے اور فنڈز کی فراہمی کو یقینی بنایا جا رہا ہے۔ انہوں نے کہا کہ حکومت آزاد کشمیر عوام کے مسائل کے حل کیلئے اقدامات کر رہی ہے اور اسمبلی کے اجلاس میں اس حوالے سے تفصیلی جواب دیا گیا ہے جس میں محکمہ جات کی کارکردگی اور ترقیاتی منصوبوں کی تفصیلات شامل ہیں۔ وزیر نے ایوان کو بتایا کہ منصوبوں پر کام جاری ہے اور فنڈز کی فراہمی کو یقینی بنایا جا رہا ہے۔ انہوں نے کہا کہ حکومت آزاد کشمیر عوام کے مسائل کے حل کیلئے اقدامات کر رہی ہے اور اسمبلی کے اجلاس میں اس حوالے سے
سوال
40
انہوں نے کہا کہ حکومت آزاد کشمیر عوام کے مسائل کے حل کیلئے اقدامات کر رہی ہے اور اسمبلی کے اجلاس میں اس حوالے سے تفصیلی جواب دیا گیا ہے جس میں محکمہ جات کی کارکردگی اور ترقیاتی منصوبوں کی تفصیلات شامل ہیں۔ وزیر نے ایوان کو بتایا کہ منصوبوں پر کام جاری ہے اور فنڈز کی فراہمی کو یقینی بنایا جا رہا ہے۔ انہوں نے کہا کہ حکومت آزاد کشمیر عوام کے مسائل کے حل کیلئے اقدامات کر رہی ہے اور اسمبلی کے اجلاس میں اس حوالے سے تفصیلی جواب دیا گیا ہے جس میں محکمہ جات کی کارکردگی اور ترقیاتی منصوبوں کی تفصیلات شامل ہیں۔ وزیر نے ایوان کو بتایا کہ منصوبوں پر کام جاری ہے اور فنڈز کی فراہمی کو یقینی بنایا جا رہا ہے۔ انہوں نے کہا کہ حکومت آزاد کشمیر عوام کے مسائل کے حل کیلئے اقدامات کر رہی ہے اور اسمبلی کے اجلاس میں اس حوالے سے تفصیلی جواب دیا گیا ہے جس میں محکمہ جات کی کارکردگی اور ترقیاتی منصوبوں کی تفصیلات شامل ہیں۔ وزیر نے ایوان کو بتایا کہ منصوبوں پر کام جاری ہے اور فنڈز کی فراہمی کو یقینی بنایا جا رہا ہے۔ انہوں نے کہا کہ حکومت آزاد کشمیر عوام کے مسائل کے حل کیلئے اقدامات کر رہی ہے اور اسمبلی کے اجلاس میں اس حوالے سے تفصیلی جواب دیا گیا ہے جس میں محکمہ جات کی کارکردگی اور ترقیاتی منصوبوں کی تفصیلات شامل ہیں۔ وزیر نے ایوان کو بتایا
سوال
41
انہوں نے کہا کہ حکومت آزاد کشمیر عوام کے مسائل کے حل کیلئے اقدامات کر رہی ہے اور اسمبلی کے اجلاس میں اس حوالے سے تفصیلی جواب دیا گیا ہے جس میں محکمہ جات کی کارکردگی اور ترقیاتی منصوبوں کی تفصیلات شامل ہیں۔ وزیر نے ایوان کو بتایا کہ منصوبوں پر کام جاری ہے اور فنڈز کی فراہمی کو یقینی بنایا جا رہا ہے۔ انہوں نے کہا کہ حکومت آزاد کشمیر عوام کے مسائل کے حل کیلئے اقدامات کر رہی ہے اور اسمبلی کے اجلاس میں اس حوالے سے
سوال
42
انہوں نے کہا کہ حکومت آزاد کشمیر عوام کے مسائل کے حل کیلئے اقدامات کر رہی ہے اور اسمبلی کے اجلاس میں اس حوالے سے تفصیلی جواب دیا گیا ہے جس میں محکمہ جات کی کارکردگی اور ترقیاتی منصوبوں کی تفصیلات شامل ہیں۔ وزیر نے ایوان کو بتایا کہ منصوبوں پر کام جاری ہے اور فنڈز کی فراہمی کو یقینی بنایا جا رہا ہے۔ انہوں نے کہا کہ حکومت آزاد کشمیر عوام کے مسائل کے حل کیلئے اقدامات کر رہی ہے اور اسمبلی کے اجلاس میں اس حوالے سے تفصیلی جواب دیا گیا ہے جس میں محکمہ جات کی کارکردگی اور ترقیاتی منصوبوں کی
سوال
43
انہوں نے کہا کہ حکومت آزاد کشمیر عوام کے مسائل کے حل کیلئے اقدامات کر رہی ہے اور اسمبلی کے اجلاس میں اس حوالے سے تفصیلی جواب دیا گیا ہے جس میں محکمہ جات کی کارکردگی اور ترقیاتی منصوبوں کی تفصیلات شامل ہیں۔ وزیر نے ایوان کو بتایا کہ منصوبوں پر کام جاری ہے اور فنڈز کی فراہمی کو یقینی بنایا جا رہا ہے۔ انہوں نے کہا کہ حکومت آزاد کشمیر عوام کے مسائل کے حل کیلئے اقدامات کر رہی ہے اور اسمبلی کے اجلاس میں اس حوالے سے تفصیلی جواب دیا گیا ہے جس میں محکمہ جات کی کارکردگی اور ترقیاتی منصوبوں کی تفصیلات شامل ہیں۔ وزیر نے ایوان کو بتایا کہ منصوبوں پر کام جاری ہے اور فنڈز کی
سوال
44
انہوں نے کہا کہ حکومت آزاد کشمیر عوام کے مسائل کے حل کیلئے اقدامات کر رہی ہے اور اسمبلی کے اجلاس میں اس حوالے سے تفصیلی جواب دیا گیا ہے جس میں محکمہ جات کی کارکردگی اور ترقیاتی منصوبوں کی تفصیلات شامل ہیں۔ وزیر نے ایوان کو بتایا کہ منصوبوں پر کام جاری ہے اور فنڈز کی فراہمی کو یقینی بنایا جا رہا ہے۔ انہوں نے کہا کہ حکومت آزاد کشمیر عوام کے مسائل کے حل کیلئے اقدامات کر رہی ہے اور اسمبلی کے اجلاس میں اس حوالے سے تفصیلی جواب دیا گیا ہے جس میں محکمہ جات کی کارکردگی اور ترقیاتی منصوبوں کی تفصیلات شامل ہیں۔ وزیر نے ایوان کو بتایا کہ منصوبوں پر کام جاری ہے اور فنڈز کی فراہمی کو یقینی بنایا جا رہا ہے۔ انہوں نے کہا کہ حکومت آزاد کشمیر عوام کے مسائل کے حل کیلئے اقدامات کر رہی ہے اور اسمبلی کے اجلاس میں اس حوالے سے تفصیلی جواب دیا گیا ہے جس میں محکمہ جات کی کارکردگی اور ترقیاتی منصوبوں کی تفصیلات شامل ہیں۔ وزیر نے ایوان کو بتایا کہ منصوبوں پر کام جاری ہے اور فنڈز کی فراہمی کو یقینی بنایا جا رہا ہے۔ انہوں نے کہا کہ حکومت آزاد کشمیر عوام کے مسائل کے حل کیلئے اقدامات کر رہی ہے اور اسمبلی کے اجلاس میں اس حوالے سے تفصیلی جواب دیا گیا ہے جس میں محکمہ جات کی کارکردگی اور ترقیاتی منصوبوں کی تفصیلات شامل ہیں۔ وزیر نے ایوان کو بتایا کہ منصوبوں پر کام جاری ہے اور فنڈز کی
سوال
45
انہوں نے کہا کہ حکومت آزاد کشمیر عوام کے مسائل کے حل کیلئے اقدامات کر رہی ہے اور اسمبلی کے اجلاس میں اس حوالے سے تفصیلی جواب دیا گیا ہے جس میں محکمہ جات کی کارکردگی اور ترقیاتی منصوبوں کی تفصیلات شامل ہیں۔ وزیر نے ایوان کو بتایا کہ منصوبوں پر کام جاری ہے اور فنڈز کی فراہمی کو یقینی بنایا جا رہا ہے۔ انہوں نے کہا کہ حکومت آزاد کشمیر عوام کے مسائل کے حل کیلئے اقدامات کر رہی ہے اور اسمبلی کے اجلاس میں اس حوالے سے
سوال
46
انہوں نے کہا کہ حکومت آزاد کشمیر عوام کے مسائل کے حل کیلئے اقدامات کر رہی ہے اور اسمبلی کے اجلاس میں اس حوالے سے تفصیلی جواب دیا گیا ہے جس میں محکمہ جات کی کارکردگی اور ترقیاتی منصوبوں کی
سوال
47
انہوں نے کہا کہ حکومت آزاد کشمیر عوام کے مسائل کے حل کیلئے اقدامات کر رہی ہے اور اسمبلی کے اجلاس میں اس حوالے سے تفصیلی جواب دیا گیا ہے جس میں محکمہ جات کی کارکردگی اور ترقیاتی منصوبوں کی تفصیلات شامل ہیں۔ وزیر نے ایوان کو بتایا کہ منصوبوں پر کام جاری ہے اور فنڈز کی فراہمی کو یقینی بنایا جا رہا ہے۔ انہوں نے کہا کہ حکومت آزاد کشمیر عوام کے مسائل کے حل کیلئے اقدامات کر رہی ہے اور اسمبلی کے اجلاس میں اس حوالے سے تفصیلی جواب دیا گیا ہے جس میں محکمہ جات کی کارکردگی اور ترقیاتی منصوبوں کی
سوال
48
انہوں نے کہا کہ حکومت آزاد کشمیر عوام کے مسائل کے حل کیلئے اقدامات کر رہی ہے اور اسمبلی کے اجلاس میں اس حوالے سے تفصیلی جواب دیا گیا ہے جس میں محکمہ جات کی کارکردگی اور ترقیاتی منصوبوں کی تفصیلات شامل ہیں۔ وزیر نے ایوان کو بتایا کہ منصوبوں پر کام جاری ہے اور فنڈز کی فراہمی کو یقینی بنایا جا رہا ہے۔ انہوں نے کہا کہ حکومت آزاد کشمیر عوام کے مسائل کے حل کیلئے اقدامات کر رہی ہے اور اسمبلی کے اجلاس میں اس حوالے سے تفصیلی جواب دیا گیا ہے جس میں محکمہ جات کی کارکردگی اور ترقیاتی منصوبوں کی تفصیلات شامل ہیں۔ وزیر نے ایوان کو بتایا کہ منصوبوں پر کام جاری ہے اور فنڈز کی
سوال
49
انہوں نے کہا کہ حکومت آزاد کشمیر عوام کے مسائل کے حل کیلئے اقدامات کر رہی ہے اور اسمبلی کے اجلاس میں اس حوالے سے تفصیلی جواب دیا گیا ہے جس میں محکمہ جات کی کارکردگی اور ترقیاتی منصوبوں کی تفصیلات شامل ہیں۔ وزیر نے ایوان کو بتایا
سوال
50
انہوں نے کہا کہ حکومت آزاد کشمیر عوام کے مسائل کے حل کیلئے اقدامات کر رہی ہے اور اسمبلی کے اجلاس میں اس حوالے سے تفصیلی جواب دیا گیا ہے جس میں محکمہ جات کی کارکردگی اور ترقیاتی منصوبوں کی تفصیلات شامل ہیں۔ وزیر نے ایوان کو بتایا کہ منصوبوں پر کام جاری ہے اور فنڈز کی فراہمی کو یقینی بنایا جا رہا ہے۔ انہوں نے کہا کہ حکومت آزاد کشمیر عوام کے مسائل کے حل کیلئے اقدامات کر رہی ہے اور اسمبلی کے اجلاس میں اس حوالے سے تفصیلی جواب دیا گیا ہے جس میں محکمہ جات کی کارکردگی اور ترقیاتی منصوبوں کی تفصیلات شامل ہیں۔ وزیر نے ایوان کو بتایا کہ منصوبوں پر کام جاری ہے اور فنڈز کی
سوال
51
انہوں نے کہا کہ حکومت آزاد کشمیر عوام کے مسائل کے حل کیلئے اقدامات کر رہی ہے اور اسمبلی کے اجلاس میں اس حوالے سے
سوال
52
انہوں نے کہا کہ حکومت آزاد کشمیر عوام کے مسائل کے حل کیلئے اقدامات کر رہی ہے اور
سوال
53
انہوں نے کہا کہ حکومت آزاد کشمیر عوام کے مسائل کے حل کیلئے اقدامات کر رہی ہے اور اسمبلی کے اجلاس میں اس حوالے سے تفصیلی جواب دیا گیا ہے جس میں محکمہ جات کی کارکردگی اور ترقیاتی منصوبوں کی تفصیلات شامل ہیں۔ وزیر نے ایوان کو بتایا کہ منصوبوں پر کام جاری ہے اور فنڈز کی فراہمی کو یقینی بنایا جا رہا ہے۔ انہوں نے کہا کہ حکومت آزاد کشمیر عوام کے مسائل کے حل کیلئے اقدامات کر رہی ہے اور اسمبلی کے اجلاس میں اس حوالے سے تفصیلی جواب دیا گیا ہے جس میں محکمہ جات کی کارکردگی اور ترقیاتی منصوبوں کی تفصیلات شامل ہیں۔ وزیر نے ایوان کو بتایا کہ منصوبوں پر کام جاری ہے اور فنڈز کی فراہمی کو یقینی بنایا جا رہا ہے۔ انہوں نے کہا کہ حکومت آزاد کشمیر عوام کے مسائل کے حل کیلئے اقدامات کر رہی ہے اور اسمبلی کے اجلاس میں اس حوالے سے تفصیلی جواب دیا گیا ہے جس میں محکمہ جات کی کارکردگی اور ترقیاتی منصوبوں کی تفصیلات شامل ہیں۔ وزیر نے ایوان کو بتایا
سوال
54
انہوں نے کہا کہ حکومت آزاد کشمیر عوام کے مسائل کے حل کیلئے اقدامات کر رہی ہے اور اسمبلی کے اجلاس میں اس حوالے سے تفصیلی جواب دیا گیا ہے جس میں محکمہ جات کی کارکردگی اور ترقیاتی منصوبوں کی تفصیلات شامل ہیں۔ وزیر نے ایوان کو بتایا کہ منصوبوں پر کام جاری ہے اور فنڈز کی فراہمی کو یقینی بنایا جا رہا ہے۔ انہوں نے کہا کہ حکومت آزاد کشمیر عوام کے مسائل کے حل کیلئے اقدامات کر رہی ہے اور اسمبلی کے اجلاس میں اس حوالے سے تفصیلی جواب دیا گیا ہے جس میں محکمہ جات کی کارکردگی اور ترقیاتی منصوبوں کی تفصیلات شامل ہیں۔ وزیر نے ایوان کو بتایا کہ منصوبوں پر کام جاری ہے اور فنڈز کی فراہمی کو یقینی بنایا جا رہا ہے۔ انہوں نے کہا کہ حکومت آزاد کشمیر عوام کے مسائل کے حل کیلئے اقدامات کر رہی ہے اور اسمبلی کے اجلاس میں اس حوالے سے تفصیلی جواب دیا گیا ہے جس میں محکمہ جات کی کارکردگی اور ترقیاتی منصوبوں کی تفصیلات شامل ہیں۔ وزیر نے ایوان کو بتایا کہ منصوبوں پر کام جاری ہے اور فنڈز کی فراہمی کو یقینی بنایا جا رہا ہے۔ انہوں نے کہا کہ حکومت آزاد کشمیر عوام کے مسائل
سوال
55
انہوں نے کہا کہ حکومت آزاد کشمیر عوام کے مسائل کے حل کیلئے اقدامات کر رہی ہے اور اسمبلی کے اجلاس میں اس حوالے سے تفصیلی جواب دیا گیا ہے جس میں محکمہ جات کی کارکردگی اور ترقیاتی منصوبوں کی تفصیلات شامل ہیں۔ وزیر نے ایوان کو بتایا کہ منصوبوں پر کام جاری ہے اور فنڈز کی فراہمی کو یقینی بنایا جا رہا ہے۔ انہوں نے کہا کہ حکومت آزاد کشمیر عوام کے مسائل کے حل کیلئے اقدامات کر رہی ہے اور اسمبلی کے اجلاس میں اس حوالے سے
سوال
56
انہوں نے کہا کہ حکومت آزاد کشمیر عوام کے مسائل کے حل کیلئے اقدامات کر رہی ہے اور اسمبلی کے اجلاس میں اس حوالے سے تفصیلی جواب دیا گیا ہے جس میں محکمہ جات کی کارکردگی اور ترقیاتی منصوبوں کی تفصیلات شامل ہیں۔ وزیر نے ایوان کو بتایا کہ منصوبوں پر کام جاری ہے اور فنڈز کی فراہمی کو یقینی بنایا جا رہا ہے۔ انہوں نے کہا کہ حکومت آزاد کشمیر عوام کے مسائل
سوال
57
انہوں نے کہا کہ حکومت آزاد کشمیر عوام کے مسائل کے حل کیلئے اقدامات کر رہی ہے اور اسمبلی کے اجلاس میں اس حوالے سے تفصیلی جواب دیا گیا ہے جس میں محکمہ جات کی کارکردگی اور ترقیاتی منصوبوں کی تفصیلات شامل ہیں۔ وزیر نے ایوان کو بتایا کہ منصوبوں پر کام جاری ہے اور فنڈز کی فراہمی کو یقینی بنایا جا رہا ہے۔ انہوں نے کہا کہ حکومت آزاد کشمیر عوام کے مسائل کے حل کیلئے اقدامات کر رہی ہے اور اسمبلی کے اجلاس میں اس حوالے سے
سوال
58
انہوں نے کہا کہ حکومت آزاد کشمیر عوام کے مسائل کے حل کیلئے اقدامات کر رہی ہے اور اسمبلی کے اجلاس میں اس حوالے سے تفصیلی جواب دیا گیا ہے جس میں محکمہ جات کی کارکردگی اور ترقیاتی منصوبوں کی تفصیلات شامل ہیں۔ وزیر نے ایوان کو بتایا کہ منصوبوں پر کام جاری ہے اور فنڈز کی فراہمی کو یقینی بنایا جا رہا ہے۔ انہوں نے کہا کہ حکومت آزاد کشمیر عوام کے مسائل
سوال
59
انہوں نے کہا کہ حکومت آزاد کشمیر عوام کے مسائل کے حل کیلئے اقدامات کر رہی ہے اور اسمبلی کے اجلاس میں اس حوالے سے تفصیلی جواب دیا گیا ہے جس میں محکمہ جات کی کارکردگی اور ترقیاتی منصوبوں کی تفصیلات شامل ہیں۔ وزیر نے ایوان کو بتایا کہ منصوبوں پر کام جاری ہے اور فنڈز کی فراہمی کو یقینی بنایا جا رہا ہے۔ انہوں نے کہا کہ حکومت آزاد کشمیر عوام کے مسائل کے حل کیلئے اقدامات کر رہی ہے اور اسمبلی کے اجلاس میں اس حوالے سے تفصیلی جواب دیا گیا ہے جس میں محکمہ جات کی کارکردگی اور ترقیاتی منصوبوں کی تفصیلات شامل ہیں۔ وزیر نے ایوان کو بتایا
سوال
60
انہوں نے کہا کہ حکومت آزاد کشمیر عوام کے مسائل کے حل کیلئے اقدامات کر رہی ہے اور اسمبلی کے اجلاس میں اس حوالے سے تفصیلی جواب دیا گیا ہے جس میں محکمہ جات کی کارکردگی اور ترقیاتی منصوبوں کی تفصیلات شامل ہیں۔ وزیر نے ایوان کو بتایا کہ منصوبوں پر کام جاری ہے اور فنڈز کی فراہمی کو یقینی بنایا جا رہا ہے۔ انہوں نے کہا کہ حکومت آزاد کشمیر عوام کے مسائل کے حل کیلئے اقدامات کر رہی ہے اور اسمبلی کے اجلاس میں اس حوالے سے تفصیلی جواب دیا گیا ہے جس میں محکمہ جات کی کارکردگی اور ترقیاتی منصوبوں کی تفصیلات شامل ہیں۔ وزیر نے ایوان کو بتایا کہ منصوبوں پر کام جاری ہے اور فنڈز کی فراہمی کو یقینی بنایا جا رہا ہے۔ انہوں نے کہا کہ حکومت آزاد کشمیر عوام کے مسائل کے حل کیلئے اقدامات کر رہی ہے اور اسمبلی کے اجلاس میں اس حوالے سے تفصیلی جواب دیا گیا ہے جس میں محکمہ جات کی کارکردگی اور ترقیاتی منصوبوں کی تفصیلات شامل ہیں۔ وزیر نے ایوان کو بتایا کہ منصوبوں پر کام جاری ہے اور فنڈز کی فراہمی کو یقینی بنایا جا رہا ہے۔ انہوں نے کہا کہ حکومت آزاد کشمیر عوام کے مسائل کے حل کیلئے اقدامات کر رہی ہے اور اسمبلی کے اجلاس میں اس حوالے سے تفصیلی جواب دیا گیا ہے جس میں محکمہ جات کی کارکردگی اور ترقیاتی منصوبوں کی تفصیلات شامل ہیں۔ وزیر نے ایوان کو بتایا کہ منصوبوں پر کام جاری ہے اور فنڈز کی فراہمی کو یقینی بنایا جا رہا ہے۔ انہوں نے کہا کہ حکومت آزاد کشمیر عوام کے مسائل کے حل کیلئے اقدامات کر رہی ہے اور اسمبلی کے اجلاس میں اس حوالے سے
سوال
61
انہوں نے کہا کہ حکومت آزاد کشمیر عوام کے مسائل کے حل کیلئے اقدامات کر رہی ہے اور اسمبلی کے اجلاس میں اس حوالے سے تفصیلی جواب دیا گیا ہے جس میں محکمہ جات کی کارکردگی اور ترقیاتی منصوبوں کی تفصیلات شامل ہیں۔ وزیر نے ایوان کو بتایا کہ منصوبوں پر کام جاری ہے اور فنڈز کی فراہمی کو یقینی بنایا جا رہا ہے۔ انہوں نے کہا کہ حکومت آزاد کشمیر عوام کے مسائل کے حل کیلئے اقدامات کر رہی ہے اور اسمبلی کے اجلاس میں اس حوالے سے تفصیلی جواب دیا گیا ہے جس میں محکمہ جات کی کارکردگی اور ترقیاتی منصوبوں کی تفصیلات شامل ہیں۔ وزیر نے ایوان کو بتایا کہ منصوبوں پر کام جاری ہے اور فنڈز کی فراہمی کو یقینی بنایا جا رہا ہے۔ انہوں نے کہا کہ حکومت آزاد کشمیر عوام کے مسائل کے حل کیلئے اقدامات کر رہی ہے اور اسمبلی کے اجلاس میں اس حوالے سے
سوال
63
انہوں نے کہا کہ حکومت آزاد کشمیر عوام کے مسائل کے حل کیلئے اقدامات کر رہی ہے اور اسمبلی کے اجلاس میں اس حوالے سے تفصیلی جواب دیا گیا ہے جس میں محکمہ جات کی کارکردگی اور ترقیاتی منصوبوں کی تفصیلات شامل ہیں۔ وزیر نے ایوان کو بتایا کہ منصوبوں پر کام جاری ہے اور فنڈز کی فراہمی کو یقینی بنایا جا رہا ہے۔ انہوں نے کہا کہ حکومت آزاد کشمیر عوام کے مسائل کے حل کیلئے اقدامات کر رہی ہے اور اسمبلی کے اجلاس میں اس حوالے سے تفصیلی جواب دیا گیا ہے جس میں محکمہ جات کی کارکردگی اور ترقیاتی منصوبوں کی تفصیلات شامل ہیں۔ وزیر نے ایوان کو بتایا کہ منصوبوں پر کام جاری ہے اور فنڈز کی
سوال
64
انہوں نے کہا کہ حکومت آزاد کشمیر عوام کے مسائل کے حل کیلئے اقدامات کر رہی ہے اور اسمبلی کے اجلاس میں اس حوالے سے تفصیلی جواب دیا گیا ہے جس میں محکمہ جات کی کارکردگی اور ترقیاتی منصوبوں کی تفصیلات شامل ہیں۔ وزیر نے ایوان کو بتایا کہ منصوبوں پر کام جاری ہے اور فنڈز کی فراہمی کو یقینی بنایا جا رہا ہے۔ انہوں نے کہا کہ حکومت آزاد کشمیر عوام کے مسائل کے حل کیلئے اقدامات کر رہی ہے اور اسمبلی کے اجلاس میں اس حوالے سے تفصیلی جواب دیا گیا ہے جس میں محکمہ جات کی کارکردگی اور ترقیاتی منصوبوں کی تفصیلات شامل ہیں۔ وزیر نے ایوان کو بتایا کہ منصوبوں پر کام جاری ہے اور فنڈز کی فراہمی کو یقینی بنایا جا رہا ہے۔ انہوں نے کہا کہ حکومت آزاد کشمیر عوام کے مسائل کے حل کیلئے اقدامات کر رہی ہے اور اسمبلی کے اجلاس میں اس حوالے سے تفصیلی جواب دیا گیا ہے جس میں محکمہ جات کی کارکردگی اور ترقیاتی منصوبوں کی تفصیلات شامل ہیں۔ وزیر نے ایوان کو بتایا کہ منصوبوں پر کام جاری ہے اور فنڈز کی فراہمی کو یقینی بنایا جا رہا ہے۔ انہوں نے کہا کہ حکومت آزاد کشمیر عوام کے مسائل کے حل کیلئے اقدامات کر رہی ہے اور اسمبلی کے اجلاس میں اس حوالے سے تفصیلی جواب دیا گیا ہے جس میں محکمہ جات کی کارکردگی اور ترقیاتی منصوبوں کی تفصیلات شامل ہیں۔ وزیر نے ایوان کو بتایا کہ منصوبوں پر کام جاری ہے اور فنڈز کی فراہمی کو یقینی بنایا جا رہا ہے۔ انہوں نے کہا کہ حکومت آزاد کشمیر عوام کے مسائل
سوال
65
انہوں نے کہا کہ حکومت آزاد کشمیر عوام کے مسائل کے حل کیلئے اقدامات کر رہی ہے اور اسمبلی کے اجلاس میں اس حوالے سے تفصیلی جواب دیا گیا ہے جس میں محکمہ جات کی کارکردگی اور ترقیاتی منصوبوں کی تفصیلات شامل ہیں۔ وزیر نے ایوان کو بتایا کہ منصوبوں پر کام جاری ہے اور فنڈز کی
سوال
66
انہوں نے کہا کہ حکومت آزاد کشمیر عوام کے مسائل کے حل کیلئے اقدامات کر رہی ہے اور اسمبلی کے اجلاس میں اس حوالے سے تفصیلی جواب دیا گیا ہے جس میں محکمہ جات کی کارکردگی اور ترقیاتی منصوبوں کی تفصیلات شامل ہیں۔ وزیر نے ایوان کو بتایا کہ منصوبوں پر کام جاری ہے اور فنڈز کی فراہمی کو یقینی بنایا جا رہا ہے۔ انہوں نے کہا کہ حکومت آزاد کشمیر عوام کے مسائل کے حل کیلئے اقدامات کر رہی ہے اور اسمبلی کے اجلاس میں اس حوالے سے تفصیلی جواب دیا گیا ہے جس میں محکمہ جات کی کارکردگی اور ترقیاتی منصوبوں کی تفصیلات شامل ہیں۔ وزیر نے ایوان کو بتایا کہ منصوبوں پر کام جاری ہے اور فنڈز کی فراہمی کو یقینی بنایا جا رہا ہے۔ انہوں نے کہا کہ حکومت آزاد کشمیر عوام کے مسائل کے حل کیلئے اقدامات کر رہی ہے اور اسمبلی کے اجلاس میں اس حوالے سے تفصیلی جواب دیا گیا ہے جس میں محکمہ جات کی کارکردگی اور ترقیاتی منصوبوں کی تفصیلات شامل ہیں۔ وزیر نے ایوان کو بتایا کہ منصوبوں پر کام جاری ہے اور فنڈز کی فراہمی کو یقینی بنایا جا رہا ہے۔ انہوں نے کہا کہ حکومت آزاد کشمیر عوام کے مسائل کے حل کیلئے اقدامات کر رہی ہے اور
سوال
67
انہوں نے کہا کہ حکومت آزاد کشمیر عوام کے مسائل کے حل کیلئے اقدامات کر رہی ہے اور اسمبلی کے اجلاس میں اس حوالے سے تفصیلی جواب دیا گیا ہے جس میں محکمہ جات کی کارکردگی اور ترقیاتی منصوبوں کی تفصیلات شامل ہیں۔ وزیر نے ایوان کو بتایا کہ منصوبوں پر کام جاری ہے اور فنڈز کی فراہمی کو یقینی بنایا جا رہا ہے۔ انہوں نے کہا کہ حکومت آزاد کشمیر عوام کے مسائل کے حل کیلئے اقدامات کر رہی ہے اور اسمبلی کے اجلاس میں اس حوالے سے تفصیلی جواب دیا گیا ہے جس میں محکمہ
سوال
68
انہوں نے کہا کہ حکومت آزاد کشمیر عوام کے مسائل کے حل کیلئے اقدامات کر رہی ہے اور اسمبلی کے اجلاس میں اس حوالے سے تفصیلی جواب دیا گیا ہے جس میں محکمہ جات کی کارکردگی اور ترقیاتی منصوبوں کی تفصیلات شامل ہیں۔ وزیر نے ایوان کو بتایا کہ منصوبوں پر کام جاری ہے اور فنڈز کی فراہمی کو یقینی بنایا جا رہا ہے۔ انہوں نے کہا کہ حکومت آزاد کشمیر عوام کے مسائل کے حل کیلئے اقدامات کر رہی ہے اور اسمبلی کے اجلاس میں اس حوالے سے تفصیلی جواب دیا گیا ہے جس میں محکمہ جات کی کارکردگی اور ترقیاتی منصوبوں کی تفصیلات شامل ہیں۔ وزیر نے ایوان کو بتایا کہ منصوبوں پر کام جاری ہے اور فنڈز کی فراہمی کو یقینی بنایا جا رہا ہے۔ انہوں نے کہا کہ حکومت آزاد کشمیر عوام کے مسائل کے حل کیلئے اقدامات کر رہی ہے اور اسمبلی کے اجلاس میں اس حوالے سے تفصیلی جواب دیا گیا ہے جس میں محکمہ جات کی کارکردگی اور ترقیاتی منصوبوں کی تفصیلات شامل ہیں۔ وزیر نے ایوان کو بتایا کہ منصوبوں پر کام جاری ہے اور فنڈز کی فراہمی کو یقینی بنایا جا رہا ہے۔ انہوں نے کہا کہ حکومت آزاد کشمیر عوام کے مسائل کے حل کیلئے اقدامات کر رہی ہے اور اسمبلی کے اجلاس میں اس حوالے سے تفصیلی جواب دیا گیا ہے جس میں محکمہ جات کی کارکردگی اور ترقیاتی منصوبوں کی تفصیلات شامل ہیں۔ وزیر نے ایوان کو بتایا
سوال
69
انہوں نے کہا کہ حکومت آزاد کشمیر عوام کے مسائل کے حل کیلئے اقدامات کر رہی ہے اور اسمبلی کے اجلاس میں اس حوالے سے تفصیلی جواب دیا گیا ہے جس میں محکمہ جات کی کارکردگی اور ترقیاتی منصوبوں کی تفصیلات شامل ہیں۔ وزیر نے ایوان کو بتایا کہ منصوبوں پر کام جاری ہے اور فنڈز کی فراہمی کو یقینی بنایا جا رہا ہے۔ انہوں نے کہا کہ حکومت آزاد کشمیر عوام کے مسائل کے حل کیلئے اقدامات کر رہی ہے اور اسمبلی کے اجلاس میں اس حوالے سے تفصیلی جواب دیا گیا ہے جس میں محکمہ
سوال
70
انہوں نے کہا کہ حکومت آزاد کشمیر عوام کے مسائل کے حل کیلئے اقدامات کر رہی ہے اور اسمبلی کے اجلاس میں اس حوالے سے تفصیلی جواب دیا گیا ہے جس میں محکمہ جات کی کارکردگی اور ترقیاتی منصوبوں کی تفصیلات شامل ہیں۔ وزیر نے ایوان کو بتایا کہ منصوبوں پر کام جاری ہے اور فنڈز کی فراہمی کو یقینی بنایا جا رہا ہے۔ انہوں نے کہا کہ حکومت آزاد کشمیر عوام کے مسائل کے حل کیلئے اقدامات کر رہی ہے اور اسمبلی کے اجلاس میں اس حوالے سے تفصیلی جواب دیا گیا ہے جس میں محکمہ جات کی کارکردگی اور ترقیاتی منصوبوں کی تفصیلات شامل ہیں۔ وزیر نے ایوان کو بتایا کہ منصوبوں پر کام جاری ہے اور فنڈز کی فراہمی کو یقینی بنایا جا رہا ہے۔ انہوں نے کہا کہ حکومت آزاد کشمیر عوام کے مسائل کے حل کیلئے اقدامات کر رہی ہے اور اسمبلی کے اجلاس میں اس حوالے سے
